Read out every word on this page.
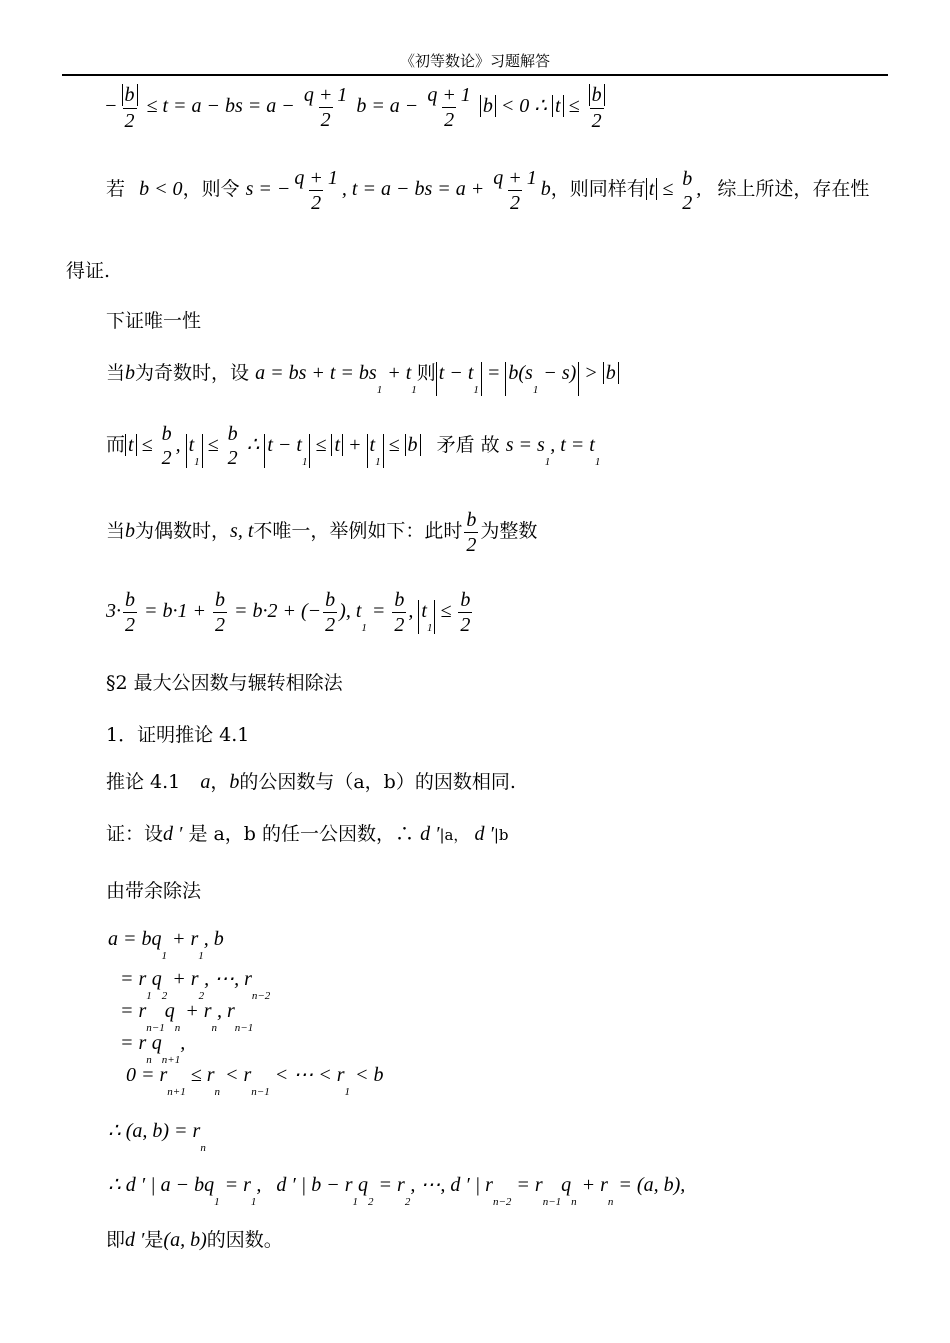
《初等数论》习题解答
− $\frac{b}{2} \le t = a$ − bs = $a - \frac{q + 1}{2}$ $b = a - \frac{q + 1}{2}$ b < 0 ∴ $t \le \frac{b}{2}$
若 b < 0，则令 s = − $\frac{q + 1}{2}$ , t = a − bs = $a + \frac{q + 1}{2}$ b，则同样有 t ≤ b
2
, 综上所述，存在性
得证.
下证唯一性
当b为奇数时，设 a = bs + $t = bs_1 + t_1$则 $t - t_1 = b(s_1 - s) > b$
而 t ≤ b
2
, $t_1 \le b$
2
∴ $t - t_1 \le t + t_1 \le b$ 矛盾 故 $s = s_1$, $t = t_1$
当b为偶数时，s, t不唯一，举例如下：此时 $\frac{b}{2}$ 为整数
$3\cdot \frac{b}{2} = b\cdot 1 + \frac{b}{2} = b\cdot 2$ + (− $\frac{b}{2}$ ), $t_1 = \frac{b}{2}$ , $t_1 \le \frac{b}{2}$
§2 最大公因数与辗转相除法
1．证明推论 4.1
推论 4.1 a，b的公因数与（a，b）的因数相同.
证：设d ′ 是 a，b 的任一公因数，∴ d ′|a， d ′|b
由带余除法
$a = bq_1 + r_1$, b
= $r_1q_2 + r_2$, ⋯, $r_{n-2}$
= $r_{n-1}q_n + r_n$, $r_{n-1}$
= $r_nq_{n+1}$,
$0 = r_{n+1} \le r_n < r_{n-1}$ < ⋯ < $r_1 < b$
∴ (a, $b) = r_n$
∴ d ′ | $a - bq_1 = r_1$,   d ′ | $b - r_1q_2 = r_2$, ⋯, d ′ | $r_{n-2} = r_{n-1}q_n + r_n = (a$, b),
即d ′是(a, b)的因数。
